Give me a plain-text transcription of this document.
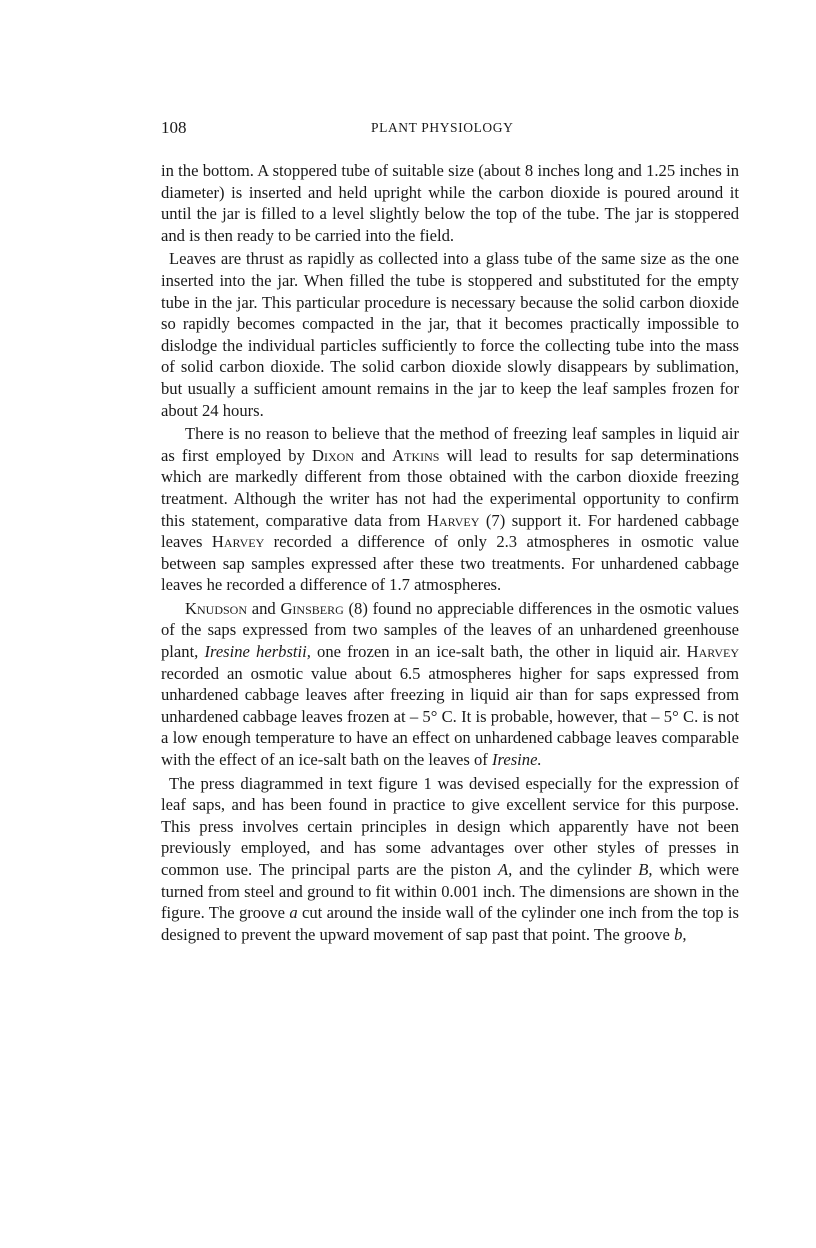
108	PLANT PHYSIOLOGY

in the bottom. A stoppered tube of suitable size (about 8 inches long and 1.25 inches in diameter) is inserted and held upright while the carbon dioxide is poured around it until the jar is filled to a level slightly below the top of the tube. The jar is stoppered and is then ready to be carried into the field.

Leaves are thrust as rapidly as collected into a glass tube of the same size as the one inserted into the jar. When filled the tube is stoppered and substituted for the empty tube in the jar. This particular procedure is necessary because the solid carbon dioxide so rapidly becomes compacted in the jar, that it becomes practically impossible to dislodge the individual particles sufficiently to force the collecting tube into the mass of solid carbon dioxide. The solid carbon dioxide slowly disappears by sublimation, but usually a sufficient amount remains in the jar to keep the leaf samples frozen for about 24 hours.

There is no reason to believe that the method of freezing leaf samples in liquid air as first employed by Dixon and Atkins will lead to results for sap determinations which are markedly different from those obtained with the carbon dioxide freezing treatment. Although the writer has not had the experimental opportunity to confirm this statement, comparative data from Harvey (7) support it. For hardened cabbage leaves Harvey recorded a difference of only 2.3 atmospheres in osmotic value between sap samples expressed after these two treatments. For unhardened cabbage leaves he recorded a difference of 1.7 atmospheres.

Knudson and Ginsberg (8) found no appreciable differences in the osmotic values of the saps expressed from two samples of the leaves of an unhardened greenhouse plant, Iresine herbstii, one frozen in an ice-salt bath, the other in liquid air. Harvey recorded an osmotic value about 6.5 atmospheres higher for saps expressed from unhardened cabbage leaves after freezing in liquid air than for saps expressed from unhardened cabbage leaves frozen at – 5° C. It is probable, however, that – 5° C. is not a low enough temperature to have an effect on unhardened cabbage leaves comparable with the effect of an ice-salt bath on the leaves of Iresine.

The press diagrammed in text figure 1 was devised especially for the expression of leaf saps, and has been found in practice to give excellent service for this purpose. This press involves certain principles in design which apparently have not been previously employed, and has some advantages over other styles of presses in common use. The principal parts are the piston A, and the cylinder B, which were turned from steel and ground to fit within 0.001 inch. The dimensions are shown in the figure. The groove a cut around the inside wall of the cylinder one inch from the top is designed to prevent the upward movement of sap past that point. The groove b,
